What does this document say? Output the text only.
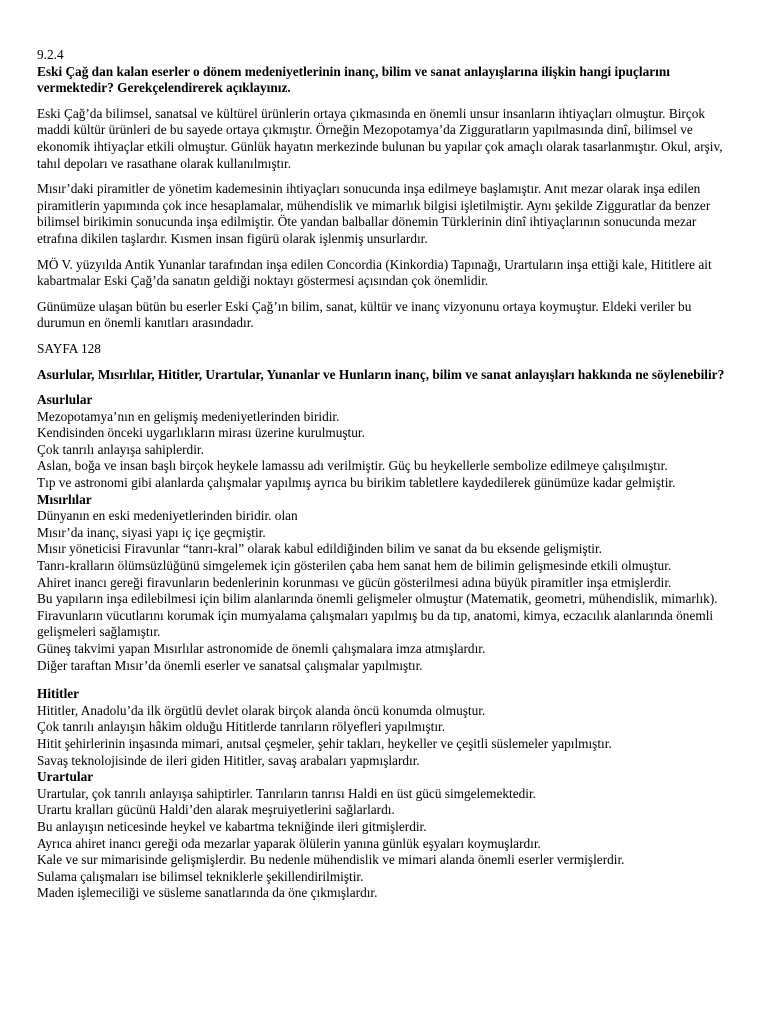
9.2.4

Eski Çağ dan kalan eserler o dönem medeniyetlerinin inanç, bilim ve sanat anlayışlarına ilişkin hangi ipuçlarını vermektedir? Gerekçelendirerek açıklayınız.

Eski Çağ’da bilimsel, sanatsal ve kültürel ürünlerin ortaya çıkmasında en önemli unsur insanların ihtiyaçları olmuştur. Birçok maddi kültür ürünleri de bu sayede ortaya çıkmıştır. Örneğin Mezopotamya’da Zigguratların yapılmasında dinî, bilimsel ve ekonomik ihtiyaçlar etkili olmuştur. Günlük hayatın merkezinde bulunan bu yapılar çok amaçlı olarak tasarlanmıştır. Okul, arşiv, tahıl depoları ve rasathane olarak kullanılmıştır.

Mısır’daki piramitler de yönetim kademesinin ihtiyaçları sonucunda inşa edilmeye başlamıştır. Anıt mezar olarak inşa edilen piramitlerin yapımında çok ince hesaplamalar, mühendislik ve mimarlık bilgisi işletilmiştir. Aynı şekilde Zigguratlar da benzer bilimsel birikimin sonucunda inşa edilmiştir. Öte yandan balballar dönemin Türklerinin dinî ihtiyaçlarının sonucunda mezar etrafına dikilen taşlardır. Kısmen insan figürü olarak işlenmiş unsurlardır.

MÖ V. yüzyılda Antik Yunanlar tarafından inşa edilen Concordia (Kinkordia) Tapınağı, Urartuların inşa ettiği kale, Hititlere ait kabartmalar Eski Çağ’da sanatın geldiği noktayı göstermesi açısından çok önemlidir.

Günümüze ulaşan bütün bu eserler Eski Çağ’ın bilim, sanat, kültür ve inanç vizyonunu ortaya koymuştur. Eldeki veriler bu durumun en önemli kanıtları arasındadır.

SAYFA 128

Asurlular, Mısırlılar, Hititler, Urartular, Yunanlar ve Hunların inanç, bilim ve sanat anlayışları hakkında ne söylenebilir?

Asurlular

Mezopotamya’nın en gelişmiş medeniyetlerinden biridir.

Kendisinden önceki uygarlıkların mirası üzerine kurulmuştur.

Çok tanrılı anlayışa sahiplerdir.

Aslan, boğa ve insan başlı birçok heykele lamassu adı verilmiştir. Güç bu heykellerle sembolize edilmeye çalışılmıştır.

Tıp ve astronomi gibi alanlarda çalışmalar yapılmış ayrıca bu birikim tabletlere kaydedilerek günümüze kadar gelmiştir.

Mısırlılar

Dünyanın en eski medeniyetlerinden biridir. olan

Mısır’da inanç, siyasi yapı iç içe geçmiştir.

Mısır yöneticisi Firavunlar “tanrı-kral” olarak kabul edildiğinden bilim ve sanat da bu eksende gelişmiştir.

Tanrı-kralların ölümsüzlüğünü simgelemek için gösterilen çaba hem sanat hem de bilimin gelişmesinde etkili olmuştur.

Ahiret inancı gereği firavunların bedenlerinin korunması ve gücün gösterilmesi adına büyük piramitler inşa etmişlerdir.

Bu yapıların inşa edilebilmesi için bilim alanlarında önemli gelişmeler olmuştur (Matematik, geometri, mühendislik, mimarlık).

Firavunların vücutlarını korumak için mumyalama çalışmaları yapılmış bu da tıp, anatomi, kimya, eczacılık alanlarında önemli gelişmeleri sağlamıştır.

Güneş takvimi yapan Mısırlılar astronomide de önemli çalışmalara imza atmışlardır.

Diğer taraftan Mısır’da önemli eserler ve sanatsal çalışmalar yapılmıştır.

Hititler

Hititler, Anadolu’da ilk örgütlü devlet olarak birçok alanda öncü konumda olmuştur.

Çok tanrılı anlayışın hâkim olduğu Hititlerde tanrıların rölyefleri yapılmıştır.

Hitit şehirlerinin inşasında mimari, anıtsal çeşmeler, şehir takları, heykeller ve çeşitli süslemeler yapılmıştır.

Savaş teknolojisinde de ileri giden Hititler, savaş arabaları yapmışlardır.

Urartular

Urartular, çok tanrılı anlayışa sahiptirler. Tanrıların tanrısı Haldi en üst gücü simgelemektedir.

Urartu kralları gücünü Haldi’den alarak meşruiyetlerini sağlarlardı.

Bu anlayışın neticesinde heykel ve kabartma tekniğinde ileri gitmişlerdir.

Ayrıca ahiret inancı gereği oda mezarlar yaparak ölülerin yanına günlük eşyaları koymuşlardır.

Kale ve sur mimarisinde gelişmişlerdir. Bu nedenle mühendislik ve mimari alanda önemli eserler vermişlerdir.

Sulama çalışmaları ise bilimsel tekniklerle şekillendirilmiştir.

Maden işlemeciliği ve süsleme sanatlarında da öne çıkmışlardır.
